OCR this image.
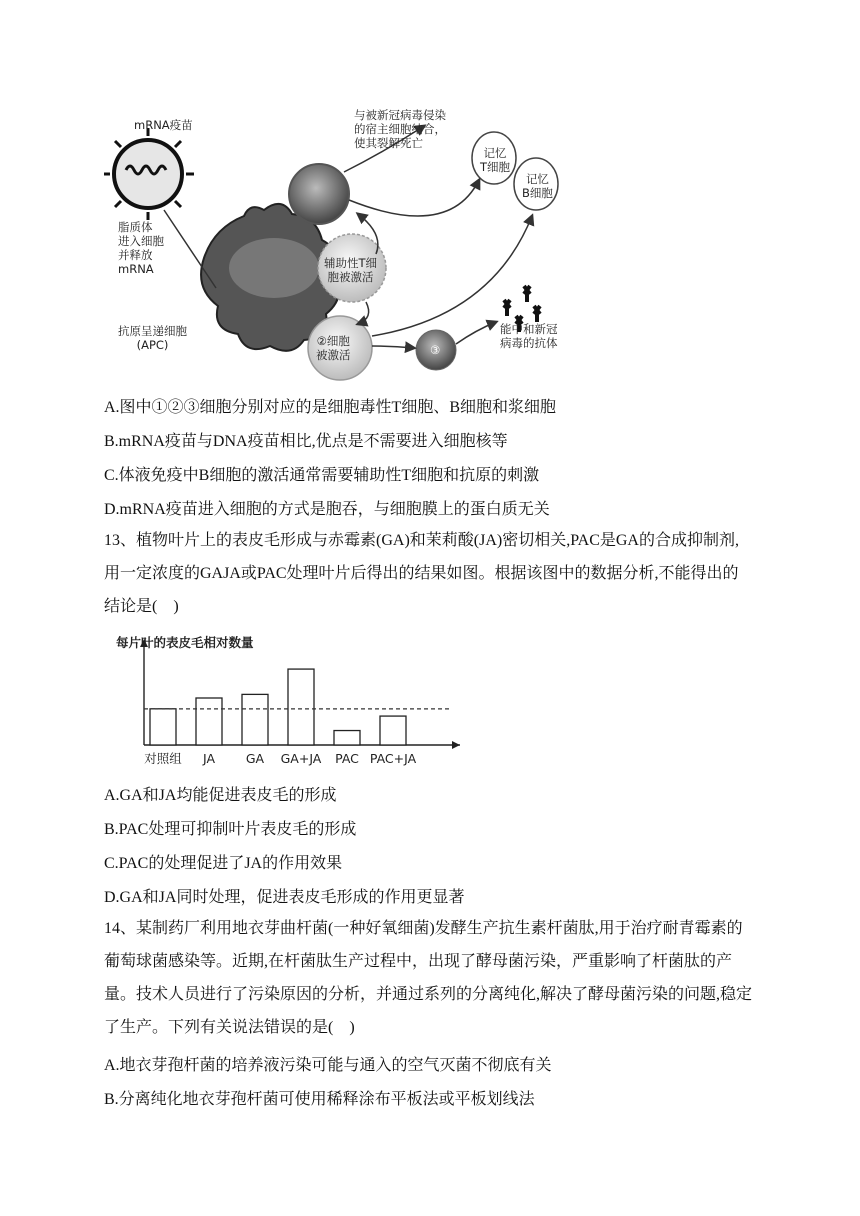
mRNA疫苗
脂质体
进入细胞
并释放
mRNA
抗原呈递细胞
(APC)
与被新冠病毒侵染
的宿主细胞结合，
使其裂解死亡
记忆
T细胞
记忆
B细胞
辅助性T细
胞被激活
②细胞
被激活	③
能中和新冠
病毒的抗体
A.图中①②③细胞分别对应的是细胞毒性T细胞、B细胞和浆细胞
B.mRNA疫苗与DNA疫苗相比,优点是不需要进入细胞核等
C.体液免疫中B细胞的激活通常需要辅助性T细胞和抗原的刺激
D.mRNA疫苗进入细胞的方式是胞吞，与细胞膜上的蛋白质无关
13、植物叶片上的表皮毛形成与赤霉素(GA)和茉莉酸(JA)密切相关,PAC是GA的合成抑制剂,用一定浓度的GAJA或PAC处理叶片后得出的结果如图。根据该图中的数据分析,不能得出的结论是(　)
每片叶的表皮毛相对数量
对照组 JA GA GA+JA PAC PAC+JA
A.GA和JA均能促进表皮毛的形成
B.PAC处理可抑制叶片表皮毛的形成
C.PAC的处理促进了JA的作用效果
D.GA和JA同时处理，促进表皮毛形成的作用更显著
14、某制药厂利用地衣芽曲杆菌(一种好氧细菌)发酵生产抗生素杆菌肽,用于治疗耐青霉素的葡萄球菌感染等。近期,在杆菌肽生产过程中，出现了酵母菌污染，严重影响了杆菌肽的产量。技术人员进行了污染原因的分析，并通过系列的分离纯化,解决了酵母菌污染的问题,稳定了生产。下列有关说法错误的是(　)
A.地衣芽孢杆菌的培养液污染可能与通入的空气灭菌不彻底有关
B.分离纯化地衣芽孢杆菌可使用稀释涂布平板法或平板划线法
